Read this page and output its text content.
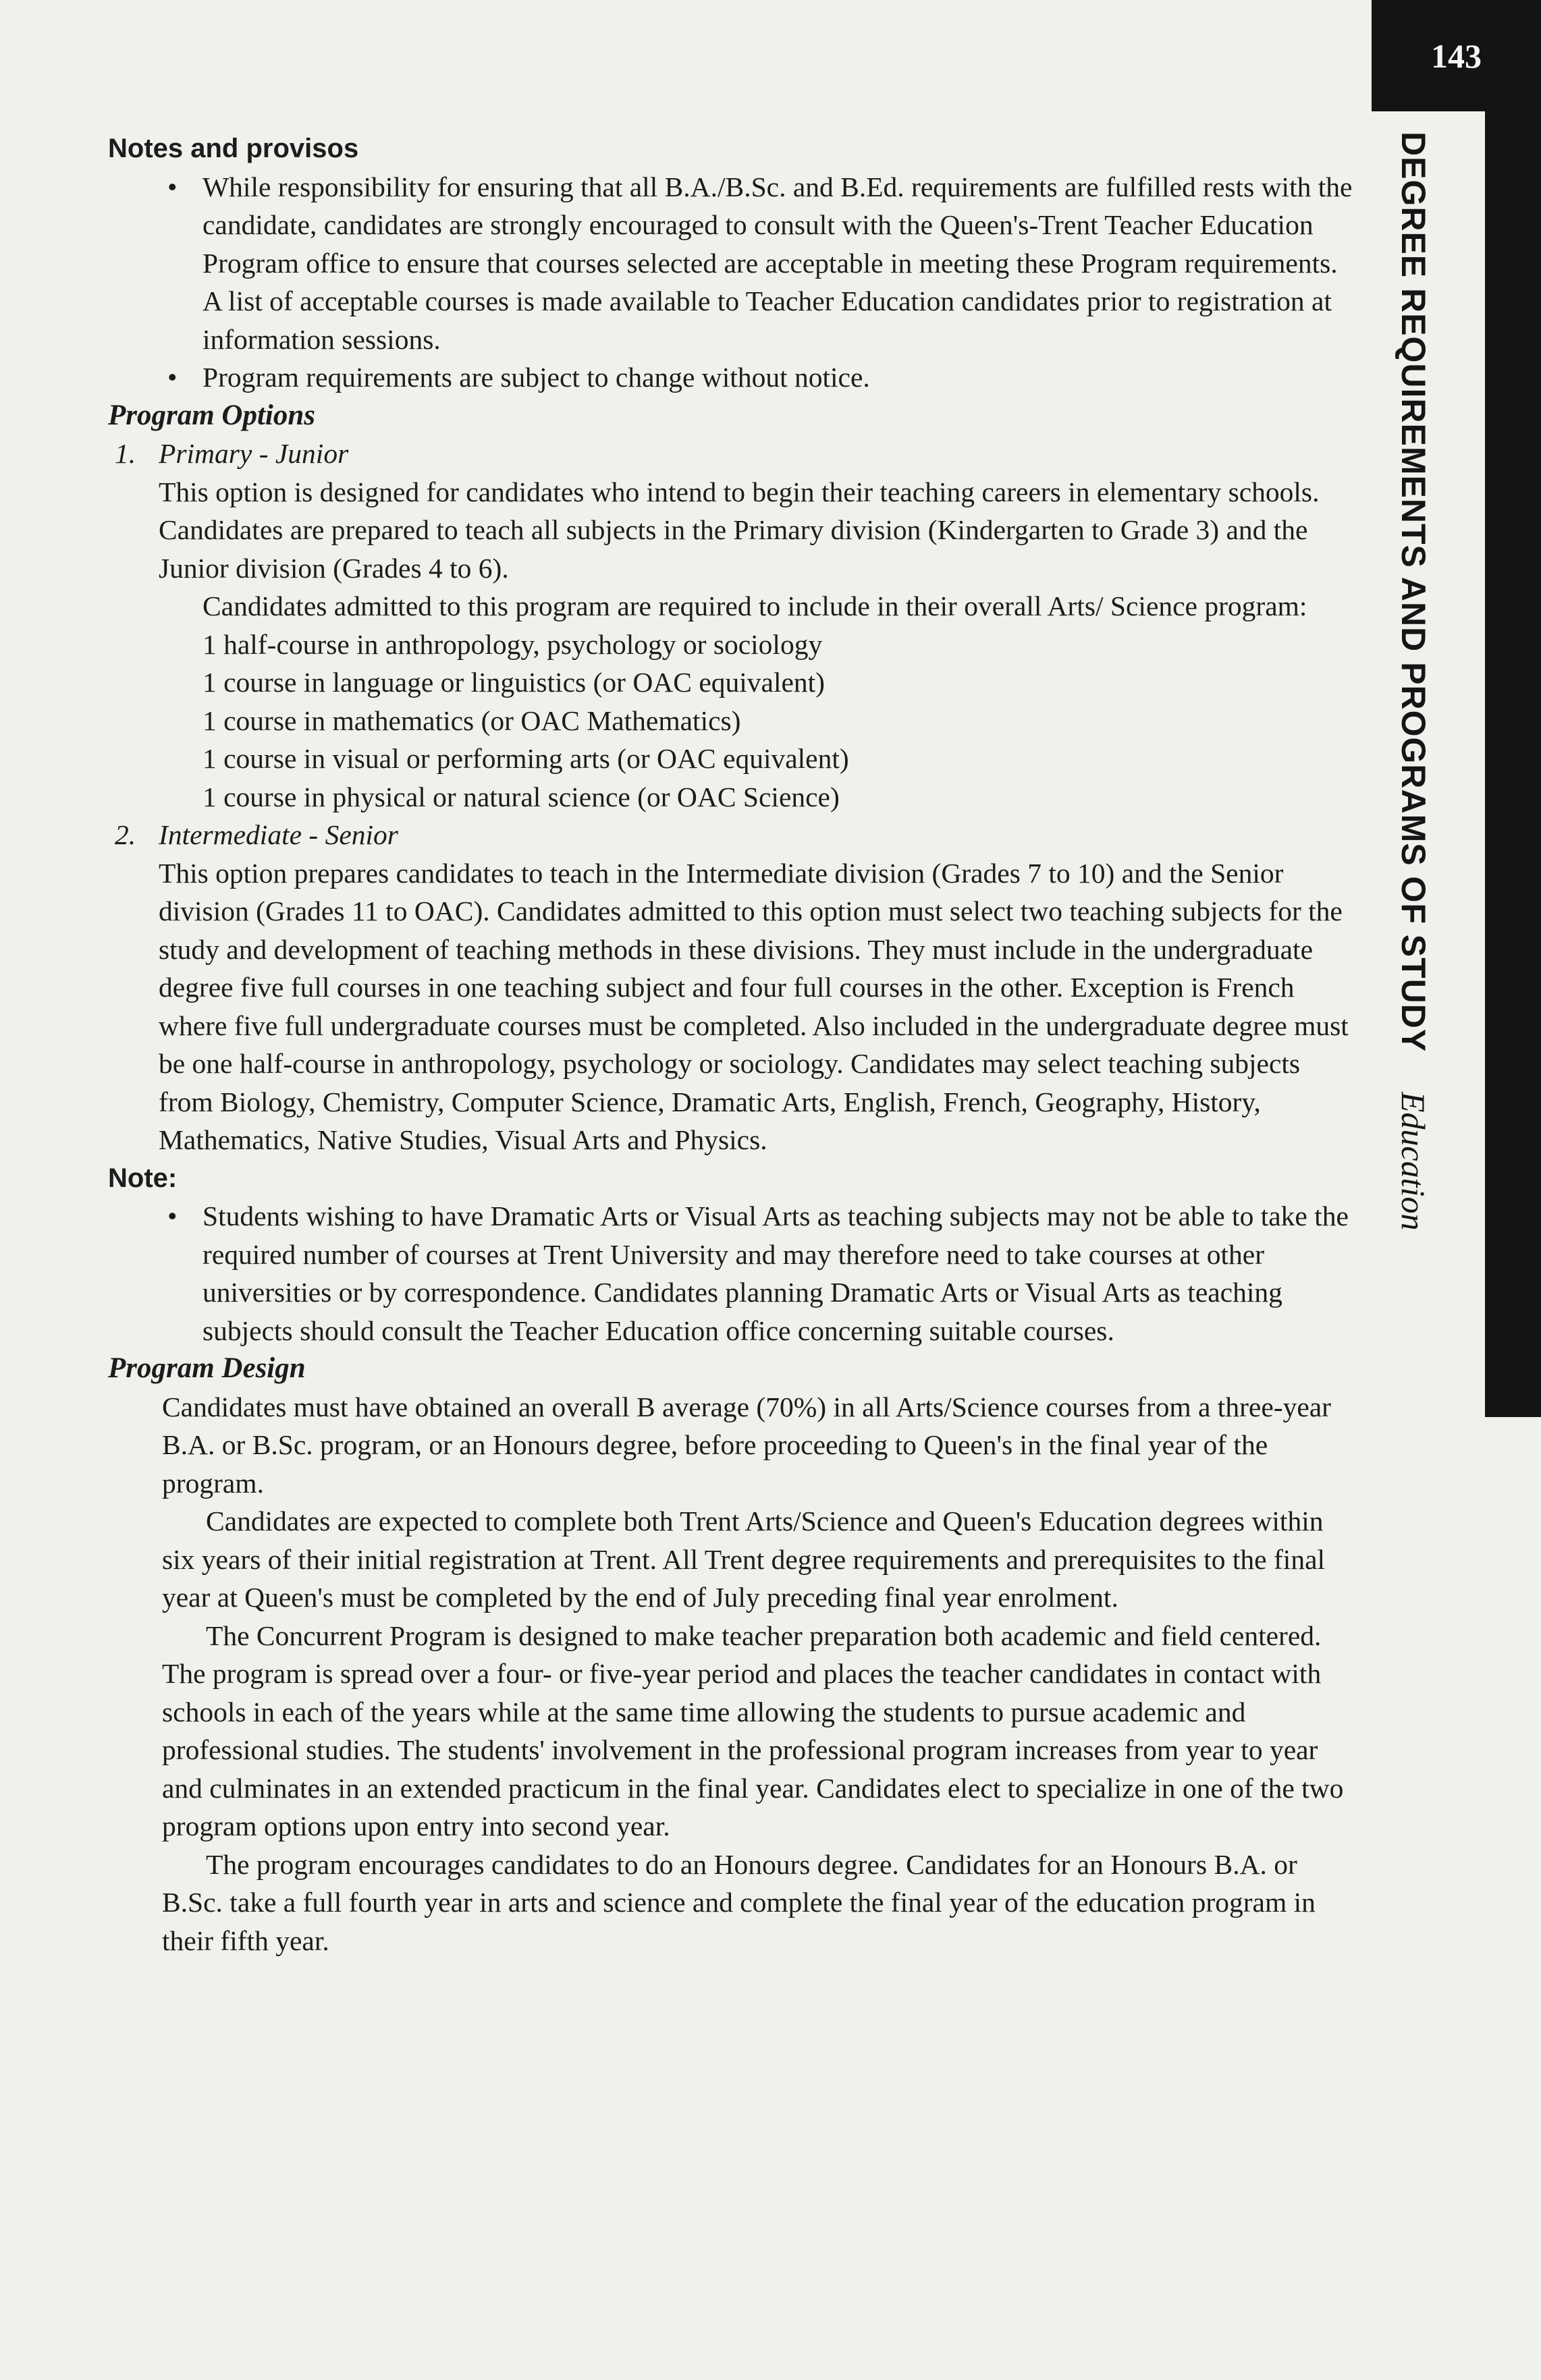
143
DEGREE REQUIREMENTS AND PROGRAMS OF STUDY Education

Notes and provisos

• While responsibility for ensuring that all B.A./B.Sc. and B.Ed. requirements are fulfilled rests with the candidate, candidates are strongly encouraged to consult with the Queen's-Trent Teacher Education Program office to ensure that courses selected are acceptable in meeting these Program requirements. A list of acceptable courses is made available to Teacher Education candidates prior to registration at information sessions.

• Program requirements are subject to change without notice.

Program Options

1. Primary - Junior

This option is designed for candidates who intend to begin their teaching careers in elementary schools. Candidates are prepared to teach all subjects in the Primary division (Kindergarten to Grade 3) and the Junior division (Grades 4 to 6).

Candidates admitted to this program are required to include in their overall Arts/ Science program:

1 half-course in anthropology, psychology or sociology

1 course in language or linguistics (or OAC equivalent)

1 course in mathematics (or OAC Mathematics)

1 course in visual or performing arts (or OAC equivalent)

1 course in physical or natural science (or OAC Science)

2. Intermediate - Senior

This option prepares candidates to teach in the Intermediate division (Grades 7 to 10) and the Senior division (Grades 11 to OAC). Candidates admitted to this option must select two teaching subjects for the study and development of teaching methods in these divisions. They must include in the undergraduate degree five full courses in one teaching subject and four full courses in the other. Exception is French where five full undergraduate courses must be completed. Also included in the undergraduate degree must be one half-course in anthropology, psychology or sociology. Candidates may select teaching subjects from Biology, Chemistry, Computer Science, Dramatic Arts, English, French, Geography, History, Mathematics, Native Studies, Visual Arts and Physics.

Note:

• Students wishing to have Dramatic Arts or Visual Arts as teaching subjects may not be able to take the required number of courses at Trent University and may therefore need to take courses at other universities or by correspondence. Candidates planning Dramatic Arts or Visual Arts as teaching subjects should consult the Teacher Education office concerning suitable courses.

Program Design

Candidates must have obtained an overall B average (70%) in all Arts/Science courses from a three-year B.A. or B.Sc. program, or an Honours degree, before proceeding to Queen's in the final year of the program.

Candidates are expected to complete both Trent Arts/Science and Queen's Education degrees within six years of their initial registration at Trent. All Trent degree requirements and prerequisites to the final year at Queen's must be completed by the end of July preceding final year enrolment.

The Concurrent Program is designed to make teacher preparation both academic and field centered. The program is spread over a four- or five-year period and places the teacher candidates in contact with schools in each of the years while at the same time allowing the students to pursue academic and professional studies. The students' involvement in the professional program increases from year to year and culminates in an extended practicum in the final year. Candidates elect to specialize in one of the two program options upon entry into second year.

The program encourages candidates to do an Honours degree. Candidates for an Honours B.A. or B.Sc. take a full fourth year in arts and science and complete the final year of the education program in their fifth year.
